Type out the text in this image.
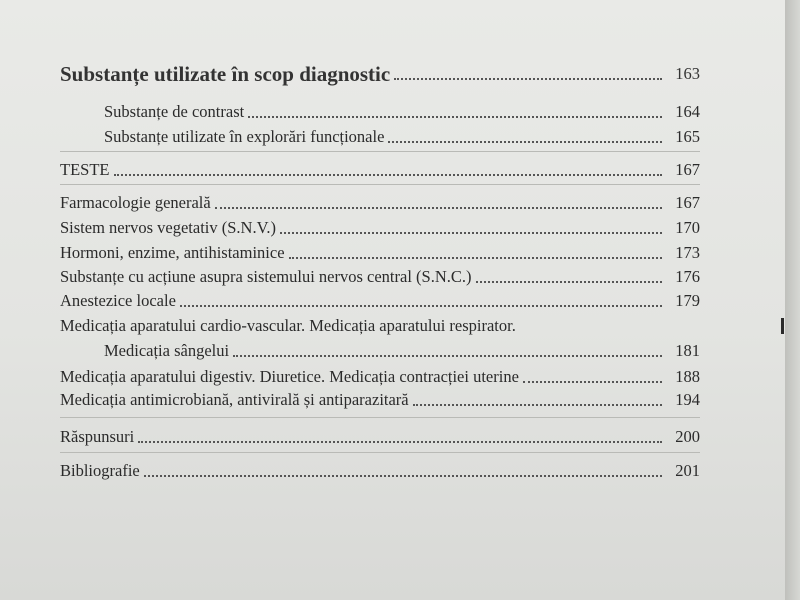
Substanțe utilizate în scop diagnostic	163
Substanțe de contrast	164
Substanțe utilizate în explorări funcționale	165
TESTE	167
Farmacologie generală	167
Sistem nervos vegetativ (S.N.V.)	170
Hormoni, enzime, antihistaminice	173
Substanțe cu acțiune asupra sistemului nervos central (S.N.C.)	176
Anestezice locale	179
Medicația aparatului cardio-vascular. Medicația aparatului respirator.
Medicația sângelui	181
Medicația aparatului digestiv. Diuretice. Medicația contracției uterine	188
Medicația antimicrobiană, antivirală și antiparazitară	194
Răspunsuri	200
Bibliografie	201
